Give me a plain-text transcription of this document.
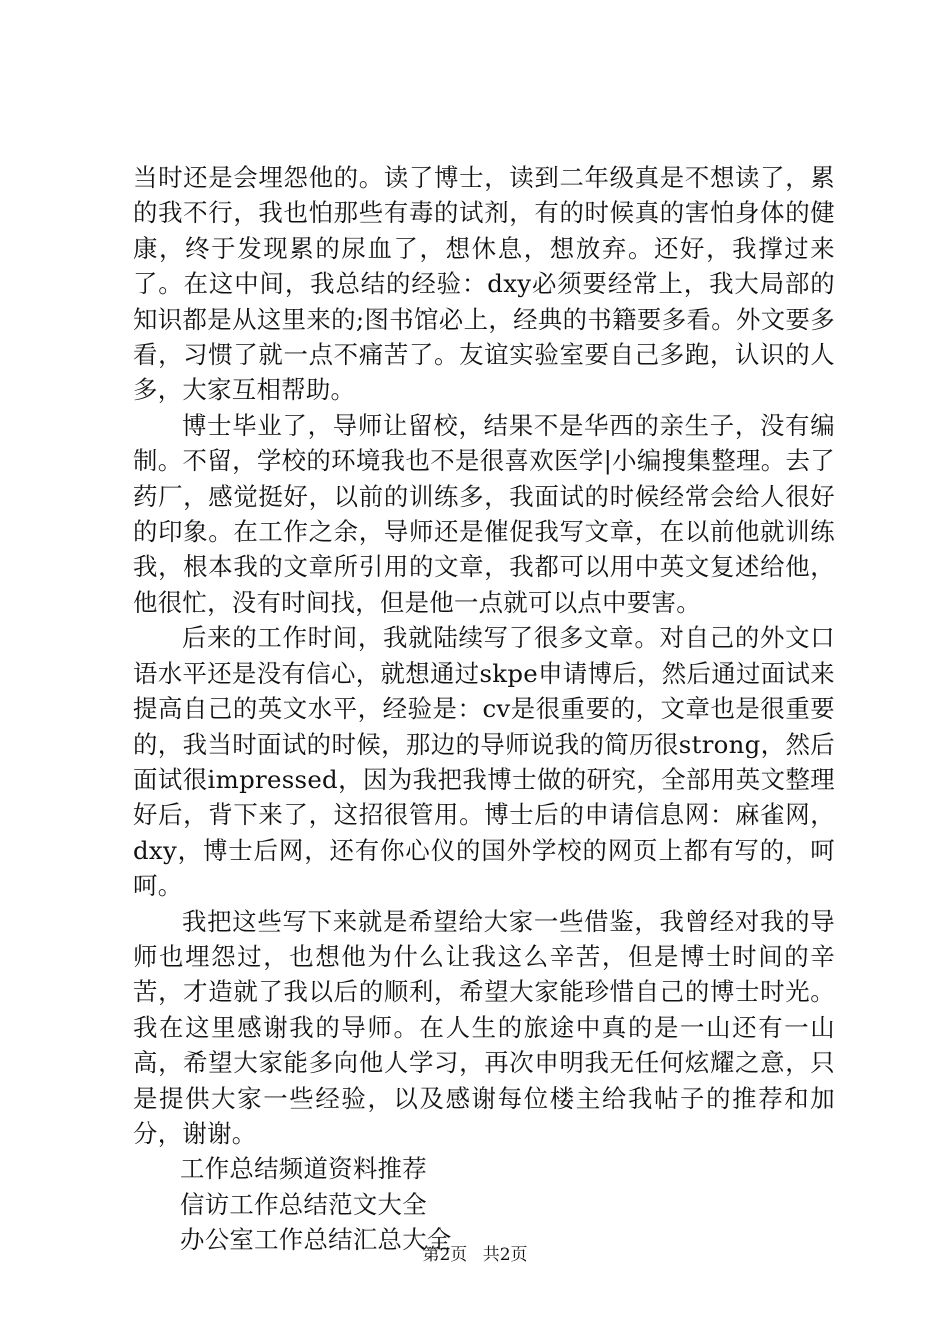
当时还是会埋怨他的。读了博士，读到二年级真是不想读了，累的我不行，我也怕那些有毒的试剂，有的时候真的害怕身体的健康，终于发现累的尿血了，想休息，想放弃。还好，我撑过来了。在这中间，我总结的经验：dxy必须要经常上，我大局部的知识都是从这里来的;图书馆必上，经典的书籍要多看。外文要多看，习惯了就一点不痛苦了。友谊实验室要自己多跑，认识的人多，大家互相帮助。

博士毕业了，导师让留校，结果不是华西的亲生子，没有编制。不留，学校的环境我也不是很喜欢医学|小编搜集整理。去了药厂，感觉挺好，以前的训练多，我面试的时候经常会给人很好的印象。在工作之余，导师还是催促我写文章，在以前他就训练我，根本我的文章所引用的文章，我都可以用中英文复述给他，他很忙，没有时间找，但是他一点就可以点中要害。

后来的工作时间，我就陆续写了很多文章。对自己的外文口语水平还是没有信心，就想通过skpe申请博后，然后通过面试来提高自己的英文水平，经验是：cv是很重要的，文章也是很重要的，我当时面试的时候，那边的导师说我的简历很strong，然后面试很impressed，因为我把我博士做的研究，全部用英文整理好后，背下来了，这招很管用。博士后的申请信息网：麻雀网，dxy，博士后网，还有你心仪的国外学校的网页上都有写的，呵呵。

我把这些写下来就是希望给大家一些借鉴，我曾经对我的导师也埋怨过，也想他为什么让我这么辛苦，但是博士时间的辛苦，才造就了我以后的顺利，希望大家能珍惜自己的博士时光。我在这里感谢我的导师。在人生的旅途中真的是一山还有一山高，希望大家能多向他人学习，再次申明我无任何炫耀之意，只是提供大家一些经验，以及感谢每位楼主给我帖子的推荐和加分，谢谢。

工作总结频道资料推荐

信访工作总结范文大全
办公室工作总结汇总大全
第2页 共2页
